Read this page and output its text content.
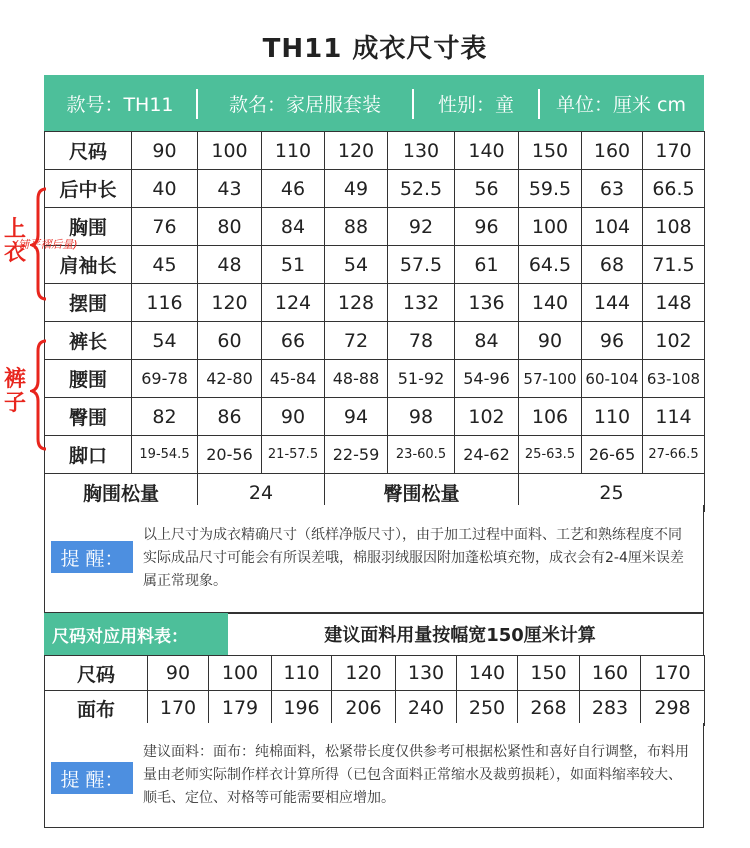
TH11 成衣尺寸表
款号：TH11	款名：家居服套装	性别：童	单位：厘米 cm
尺码	90	100	110	120	130	140	150	160	170
后中长	40	43	46	49	52.5	56	59.5	63	66.5
胸围	76	80	84	88	92	96	100	104	108
肩袖长	45	48	51	54	57.5	61	64.5	68	71.5
摆围	116	120	124	128	132	136	140	144	148
裤长	54	60	66	72	78	84	90	96	102
腰围	69-78	42-80	45-84	48-88	51-92	54-96	57-100	60-104	63-108
臀围	82	86	90	94	98	102	106	110	114
脚口	19-54.5	20-56	21-57.5	22-59	23-60.5	24-62	25-63.5	26-65	27-66.5
胸围松量		24		臀围松量			25		
上衣
(铺平褶后量)
裤子
提 醒：
以上尺寸为成衣精确尺寸（纸样净版尺寸），由于加工过程中面料、工艺和熟练程度不同实际成品尺寸可能会有所误差哦，棉服羽绒服因附加蓬松填充物，成衣会有2-4厘米误差属正常现象。
尺码对应用料表：	建议面料用量按幅宽150厘米计算
尺码	90	100	110	120	130	140	150	160	170
面布	170	179	196	206	240	250	268	283	298
提 醒：
建议面料：面布：纯棉面料，松紧带长度仅供参考可根据松紧性和喜好自行调整，布料用量由老师实际制作样衣计算所得（已包含面料正常缩水及裁剪损耗），如面料缩率较大、顺毛、定位、对格等可能需要相应增加。
